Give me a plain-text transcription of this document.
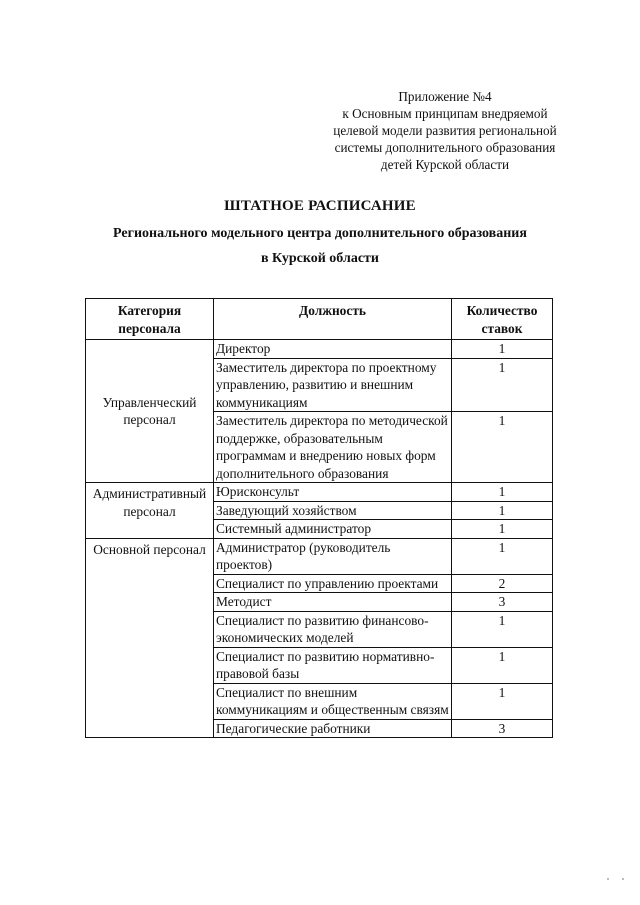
Приложение №4
к Основным принципам внедряемой
целевой модели развития региональной
системы дополнительного образования
детей Курской области
ШТАТНОЕ РАСПИСАНИЕ
Регионального модельного центра дополнительного образования
в Курской области
Категория персонала	Должность	Количество ставок
Управленческий персонал	Директор	1
	Заместитель директора по проектному управлению, развитию и внешним коммуникациям	1
	Заместитель директора по методической поддержке, образовательным программам и внедрению новых форм дополнительного образования	1
Административный персонал	Юрисконсульт	1
	Заведующий хозяйством	1
	Системный администратор	1
Основной персонал	Администратор (руководитель проектов)	1
	Специалист по управлению проектами	2
	Методист	3
	Специалист по развитию финансово-экономических моделей	1
	Специалист по развитию нормативно-правовой базы	1
	Специалист по внешним коммуникациям и общественным связям	1
	Педагогические работники	3
